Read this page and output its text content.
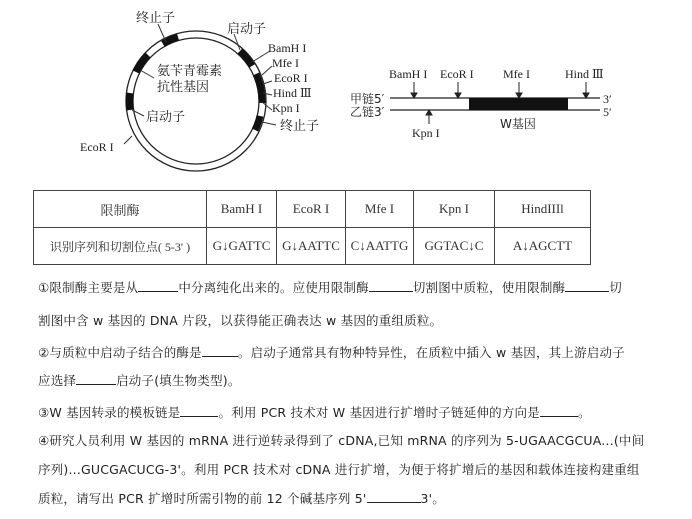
终止子
启动子
BamH I
Mfe I
EcoR I
Hind Ⅲ
Kpn I
终止子
氨苄青霉素
抗性基因
启动子
EcoR I
BamH I EcoR I Mfe I	Hind Ⅲ
甲链5′
乙链3′
3′
5′
Kpn I
W基因
限制酶	BamH I	EcoR I	Mfe I	Kpn I	HindIIIl
识别序列和切割位点( 5-3' )	G↓GATTC	G↓AATTC	C↓AATTG	GGTAC↓C	A↓AGCTT
①限制酶主要是从	中分离纯化出来的。应使用限制酶	切割图中质粒，使用限制酶	切
割图中含 w 基因的 DNA 片段，以获得能正确表达 w 基因的重组质粒。
②与质粒中启动子结合的酶是	。启动子通常具有物种特异性，在质粒中插入 w 基因，其上游启动子
应选择	启动子(填生物类型)。
③W 基因转录的模板链是	。利用 PCR 技术对 W 基因进行扩增时子链延伸的方向是	。
④研究人员利用 W 基因的 mRNA 进行逆转录得到了 cDNA,已知 mRNA 的序列为 5-UGAACGCUA...(中间
序列)...GUCGACUCG-3'。利用 PCR 技术对 cDNA 进行扩增，为便于将扩增后的基因和载体连接构建重组
质粒，请写出 PCR 扩增时所需引物的前 12 个碱基序列 5'	3'。
